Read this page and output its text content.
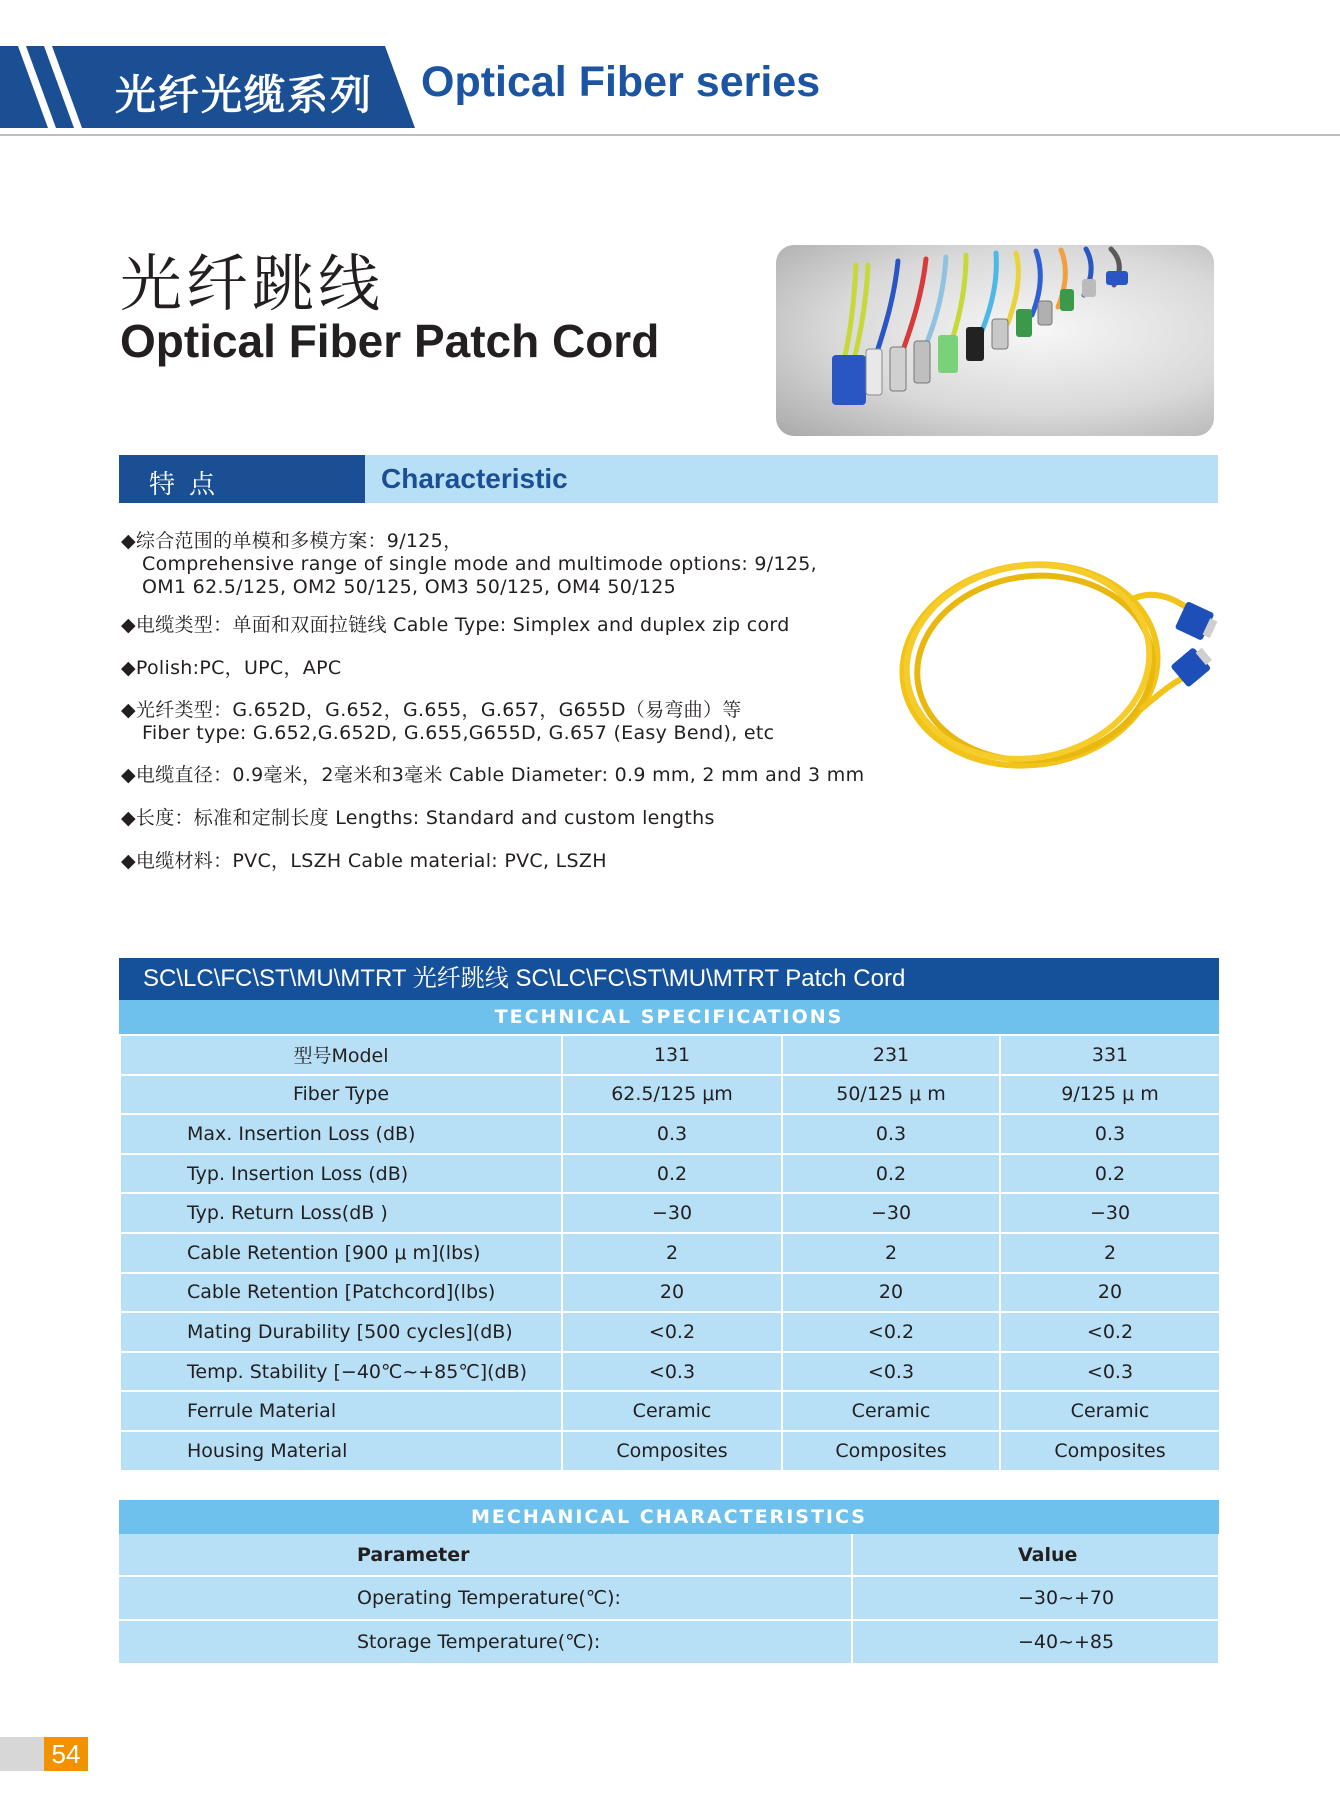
光纤光缆系列 Optical Fiber series
光纤跳线
Optical Fiber Patch Cord
特点	Characteristic
◆综合范围的单模和多模方案：9/125，
Comprehensive range of single mode and multimode options: 9/125,
OM1 62.5/125, OM2 50/125, OM3 50/125, OM4 50/125
◆电缆类型：单面和双面拉链线 Cable Type: Simplex and duplex zip cord
◆Polish:PC，UPC，APC
◆光纤类型：G.652D，G.652，G.655，G.657，G655D（易弯曲）等
Fiber type: G.652,G.652D, G.655,G655D, G.657 (Easy Bend), etc
◆电缆直径：0.9毫米，2毫米和3毫米 Cable Diameter: 0.9 mm, 2 mm and 3 mm
◆长度：标准和定制长度 Lengths: Standard and custom lengths
◆电缆材料：PVC，LSZH Cable material: PVC, LSZH
SC\LC\FC\ST\MU\MTRT 光纤跳线 SC\LC\FC\ST\MU\MTRT Patch Cord
TECHNICAL SPECIFICATIONS
型号Model	131	231	331
Fiber Type	62.5/125 μm	50/125 μ m	9/125 μ m
Max. Insertion Loss (dB)	0.3	0.3	0.3
Typ. Insertion Loss (dB)	0.2	0.2	0.2
Typ. Return Loss(dB )	−30	−30	−30
Cable Retention [900 μ m](lbs)	2	2	2
Cable Retention [Patchcord](lbs)	20	20	20
Mating Durability [500 cycles](dB)	<0.2	<0.2	<0.2
Temp. Stability [−40℃~+85℃](dB)	<0.3	<0.3	<0.3
Ferrule Material	Ceramic	Ceramic	Ceramic
Housing Material	Composites	Composites	Composites
MECHANICAL CHARACTERISTICS
Parameter	Value
Operating Temperature(℃):	−30~+70
Storage Temperature(℃):	−40~+85
54
